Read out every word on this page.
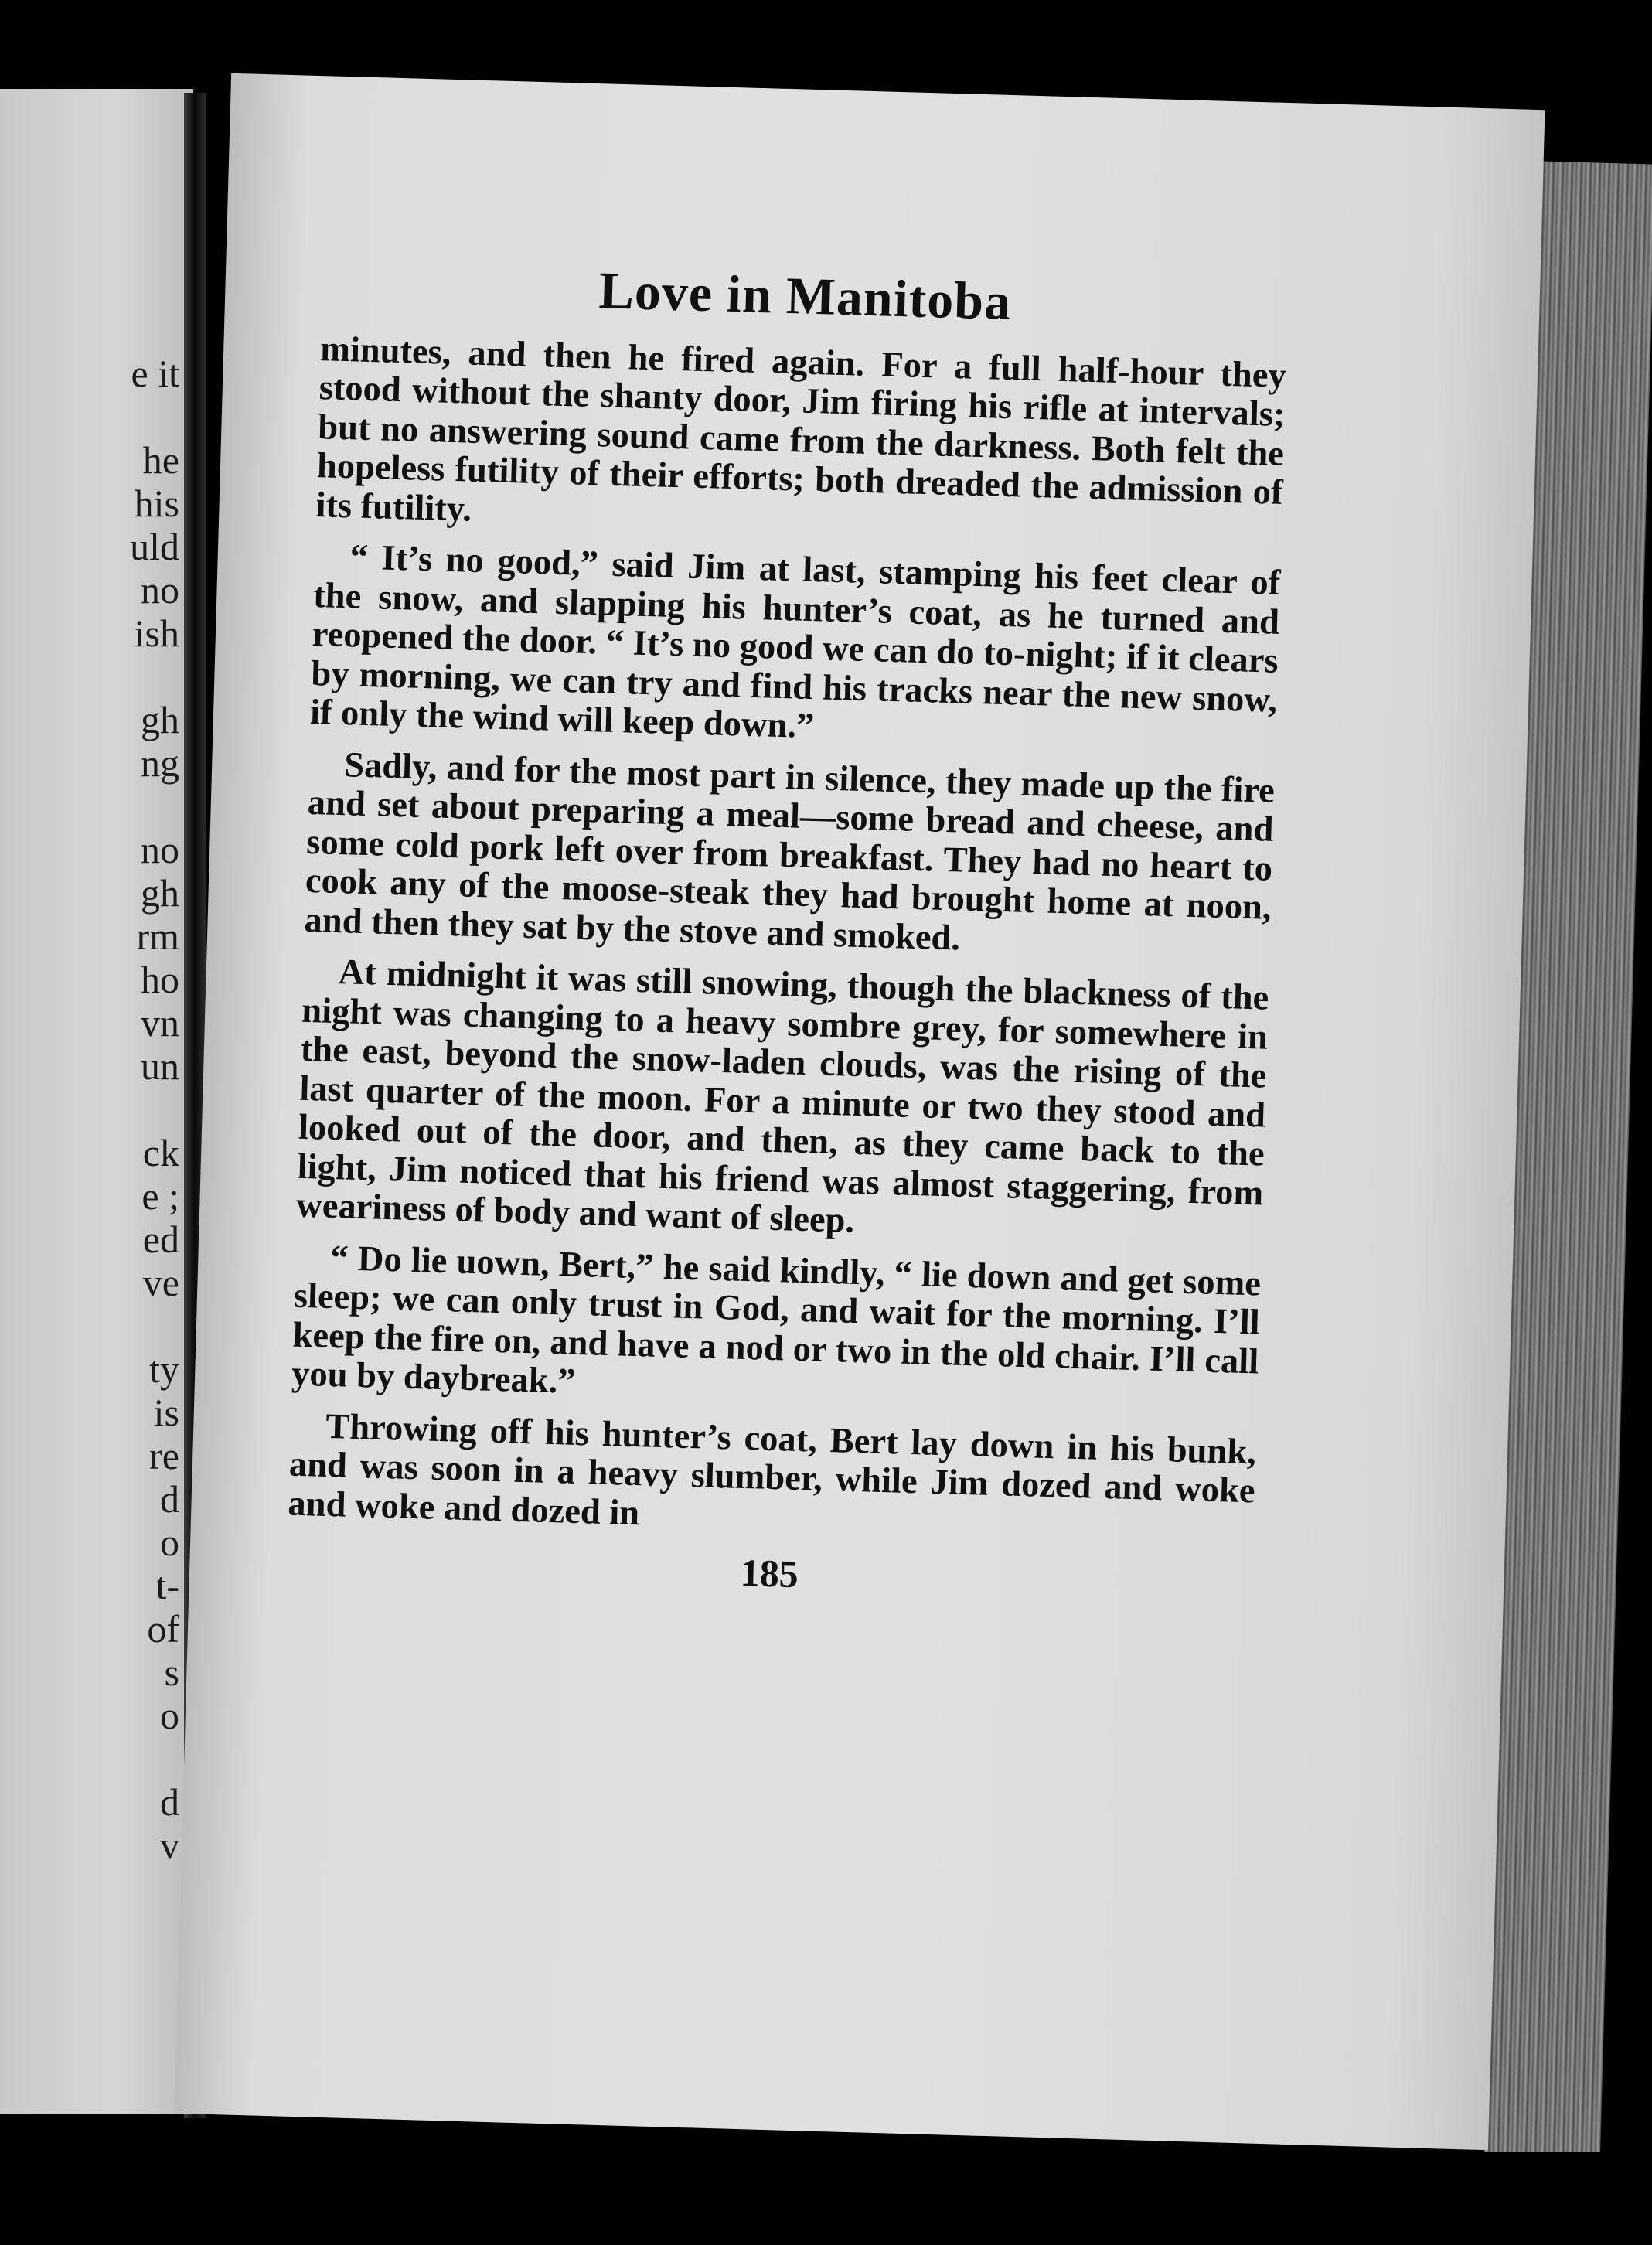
e it
he
his
uld
no
ish
gh
ng
no
gh
rm
ho
vn
un
ck
e ;
ed
ve
ty
is
re
d
o
t-
of
s
o
d
v
Love in Manitoba

minutes, and then he fired again. For a full half-hour they stood without the shanty door, Jim firing his rifle at intervals; but no answering sound came from the darkness. Both felt the hopeless futility of their efforts; both dreaded the admission of its futility.

“ It’s no good,” said Jim at last, stamping his feet clear of the snow, and slapping his hunter’s coat, as he turned and reopened the door. “ It’s no good we can do to-night; if it clears by morning, we can try and find his tracks near the new snow, if only the wind will keep down.”

Sadly, and for the most part in silence, they made up the fire and set about preparing a meal—some bread and cheese, and some cold pork left over from breakfast. They had no heart to cook any of the moose-steak they had brought home at noon, and then they sat by the stove and smoked.

At midnight it was still snowing, though the blackness of the night was changing to a heavy sombre grey, for somewhere in the east, beyond the snow-laden clouds, was the rising of the last quarter of the moon. For a minute or two they stood and looked out of the door, and then, as they came back to the light, Jim noticed that his friend was almost staggering, from weariness of body and want of sleep.

“ Do lie uown, Bert,” he said kindly, “ lie down and get some sleep; we can only trust in God, and wait for the morning. I’ll keep the fire on, and have a nod or two in the old chair. I’ll call you by daybreak.”

Throwing off his hunter’s coat, Bert lay down in his bunk, and was soon in a heavy slumber, while Jim dozed and woke and woke and dozed in

185
